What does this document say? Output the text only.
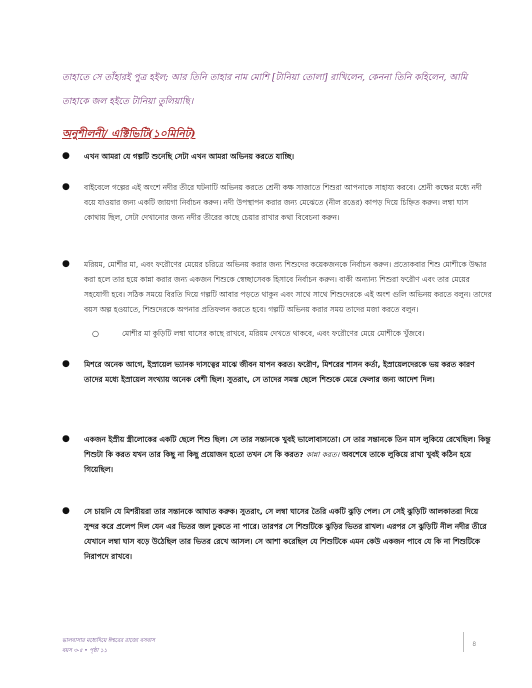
তাহাতে সে তাঁহারই পুত্র হইল; আর তিনি তাহার নাম মোশি [টানিয়া তোলা] রাখিলেন, কেননা তিনি কহিলেন, আমি
তাহাকে জল হইতে টানিয়া তুলিয়াছি।
অনুশীলনী/ এক্টিভিটি(১০মিনিট)
● এখন আমরা যে গল্পটি শুনেছি সেটা এখন আমরা অভিনয় করতে যাচ্ছি।
● বাইবেলে গল্পের এই অংশে নদীর তীরে ঘটনাটি অভিনয় করতে শ্রেনী কক্ষ সাজাতে শিশুরা আপনাকে সাহায্য করবে। শ্রেনী কক্ষের মধ্যে নদী বয়ে যাওয়ার জন্য একটি জায়গা নির্বাচন করুন। নদী উপস্থাপন করার জন্য মেঝেতে (নীল রঙের) কাপড় দিয়ে চিহ্নিত করুন। লম্বা ঘাস কোথায় ছিল, সেটা দেখানোর জন্য নদীর তীরের কাছে চেয়ার রাখার কথা বিবেচনা করুন।
● মরিয়ম, মোশীর মা, এবং ফরৌণের মেয়ের চরিত্রে অভিনয় করার জন্য শিশুদের কয়েকজনকে নির্বাচন করুন। প্রত্যেকবার শিশু মোশীকে উদ্ধার করা হলে তার হয়ে কান্না করার জন্য একজন শিশুকে স্বেচ্ছাসেবক হিসাবে নির্বাচন করুন। বাকী অন্যান্য শিশুরা ফরৌণ এবং তার মেয়ের সহযোগী হবে। সঠিক সময়ে বিরতি দিয়ে গল্পটি আবার পড়তে থাকুন এবং সাথে সাথে শিশুদেরকে এই অংশ গুলি অভিনয় করতে বলুন। তাদের বয়স অল্প হওয়াতে, শিশুদেরকে অপনার প্রতিফলন করতে হবে। গল্পটি অভিনয় করার সময় তাদের মজা করতে বলুন।
○	মোশীর মা কুড়িটি লম্বা ঘাসের কাছে রাখবে, মরিয়ম দেখতে থাকবে, এবং ফরৌণের মেয়ে মোশীকে খুঁজবে।
● মিশরে অনেক আগে, ইস্রায়েল ভ্যানক দাসত্বের মাঝে জীবন যাপন করত। ফরৌণ, মিশরের শাসন কর্তা, ইস্রায়েলদেরকে ভয় করত কারণ তাদের মধ্যে ইস্রায়েল সংখ্যায় অনেক বেশী ছিল। সুতরাং, সে তাদের সমস্ত ছেলে শিশুকে মেরে ফেলার জন্য আদেশ দিল।
● একজন ইস্রীয় স্ত্রীলোকের একটি ছেলে শিশু ছিল। সে তার সন্তানকে খুবই ভালোবাসতো। সে তার সন্তানকে তিন মাস লুকিয়ে রেখেছিল। কিন্তু শিশুটা কি করত যখন তার কিছু না কিছু প্রয়োজন হতো তখন সে কি করত? কান্না করত। অবশেষে তাকে লুকিয়ে রাখা খুবই কঠিন হয়ে গিয়েছিল।
● সে চায়নি যে মিশরীয়রা তার সন্তানকে আঘাত করুক। সুতরাং, সে লম্বা ঘাসের তৈরি একটি ঝুড়ি পেল। সে সেই ঝুড়িটি আলকাতরা দিয়ে সুন্দর করে প্রলেপ দিল যেন এর ভিতর জল ঢুকতে না পারে। তারপর সে শিশুটিকে ঝুড়ির ভিতর রাখল। এরপর সে ঝুড়িটি নীল নদীর তীরে যেখানে লম্বা ঘাস বড়ে উঠেছিল তার ভিতর রেখে আসল। সে আশা করেছিল যে শিশুটিকে এমন কেউ একজন পাবে যে কি না শিশুটিকে নিরাপদে রাখবে।
ভালবাসার মধ্যেদিয়ে ঈশ্বরের রাজ্যে বসবাস
বয়স ৩-৫ • পৃষ্ঠা ১১
৪
